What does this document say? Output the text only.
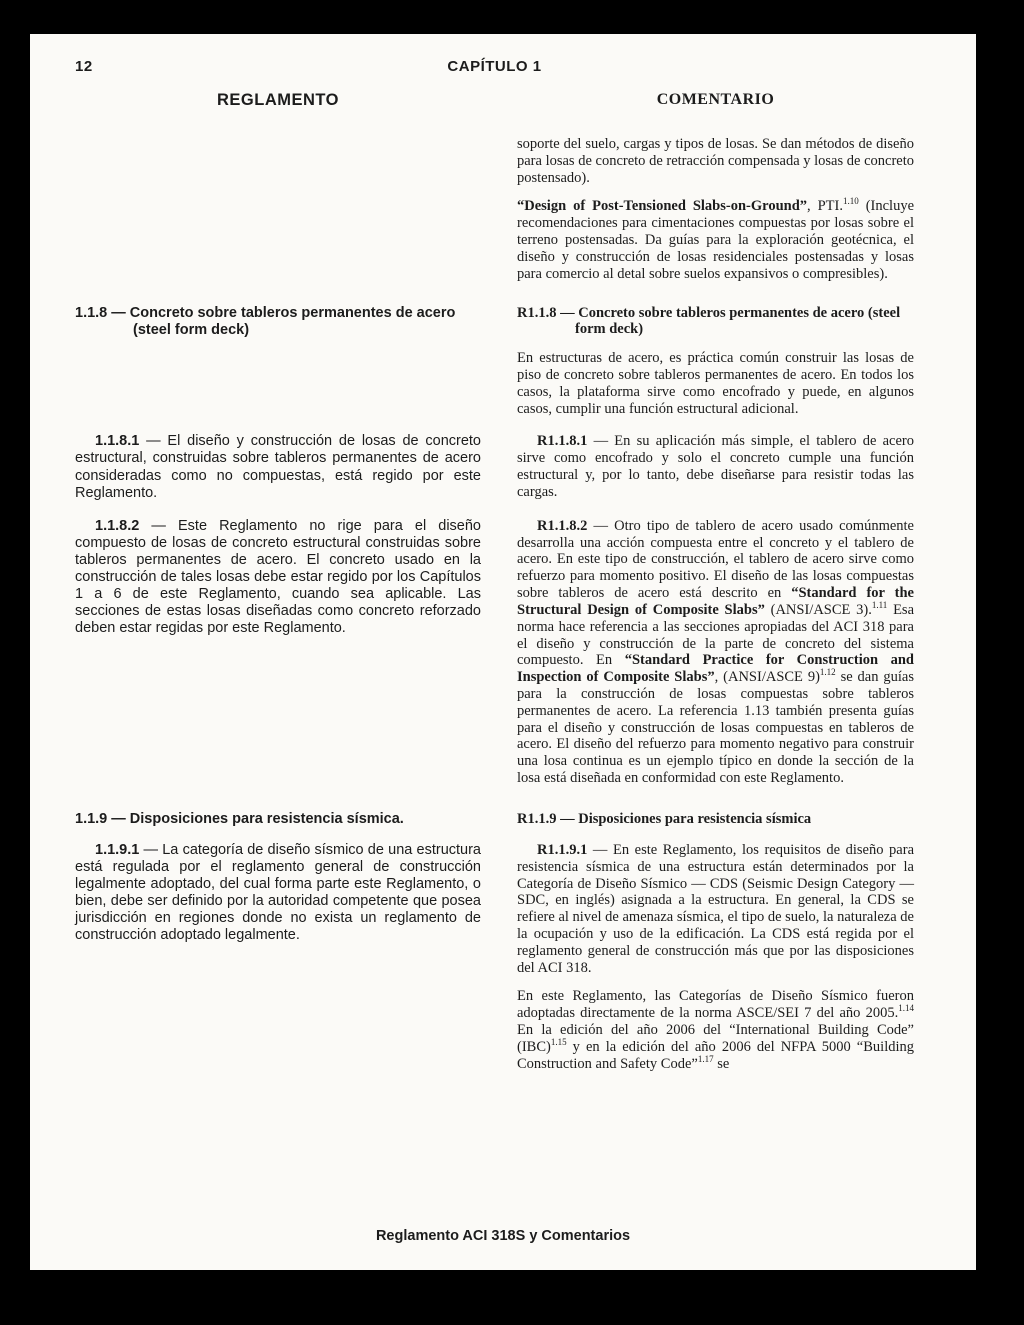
12	CAPÍTULO 1
REGLAMENTO	COMENTARIO

soporte del suelo, cargas y tipos de losas. Se dan métodos de diseño para losas de concreto de retracción compensada y losas de concreto postensado).

“Design of Post-Tensioned Slabs-on-Ground”, PTI.$^{1.10}$ (Incluye recomendaciones para cimentaciones compuestas por losas sobre el terreno postensadas. Da guías para la exploración geotécnica, el diseño y construcción de losas residenciales postensadas y losas para comercio al detal sobre suelos expansivos o compresibles).

1.1.8 — Concreto sobre tableros permanentes de acero (steel form deck)

R1.1.8 — Concreto sobre tableros permanentes de acero (steel form deck)

En estructuras de acero, es práctica común construir las losas de piso de concreto sobre tableros permanentes de acero. En todos los casos, la plataforma sirve como encofrado y puede, en algunos casos, cumplir una función estructural adicional.

1.1.8.1 — El diseño y construcción de losas de concreto estructural, construidas sobre tableros permanentes de acero consideradas como no compuestas, está regido por este Reglamento.

R1.1.8.1 — En su aplicación más simple, el tablero de acero sirve como encofrado y solo el concreto cumple una función estructural y, por lo tanto, debe diseñarse para resistir todas las cargas.

1.1.8.2 — Este Reglamento no rige para el diseño compuesto de losas de concreto estructural construidas sobre tableros permanentes de acero. El concreto usado en la construcción de tales losas debe estar regido por los Capítulos 1 a 6 de este Reglamento, cuando sea aplicable. Las secciones de estas losas diseñadas como concreto reforzado deben estar regidas por este Reglamento.

R1.1.8.2 — Otro tipo de tablero de acero usado comúnmente desarrolla una acción compuesta entre el concreto y el tablero de acero. En este tipo de construcción, el tablero de acero sirve como refuerzo para momento positivo. El diseño de las losas compuestas sobre tableros de acero está descrito en “Standard for the Structural Design of Composite Slabs” (ANSI/ASCE 3).$^{1.11}$ Esa norma hace referencia a las secciones apropiadas del ACI 318 para el diseño y construcción de la parte de concreto del sistema compuesto. En “Standard Practice for Construction and Inspection of Composite Slabs”, (ANSI/ASCE 9)$^{1.12}$ se dan guías para la construcción de losas compuestas sobre tableros permanentes de acero. La referencia 1.13 también presenta guías para el diseño y construcción de losas compuestas en tableros de acero. El diseño del refuerzo para momento negativo para construir una losa continua es un ejemplo típico en donde la sección de la losa está diseñada en conformidad con este Reglamento.

1.1.9 — Disposiciones para resistencia sísmica.	R1.1.9 — Disposiciones para resistencia sísmica

1.1.9.1 — La categoría de diseño sísmico de una estructura está regulada por el reglamento general de construcción legalmente adoptado, del cual forma parte este Reglamento, o bien, debe ser definido por la autoridad competente que posea jurisdicción en regiones donde no exista un reglamento de construcción adoptado legalmente.

R1.1.9.1 — En este Reglamento, los requisitos de diseño para resistencia sísmica de una estructura están determinados por la Categoría de Diseño Sísmico — CDS (Seismic Design Category — SDC, en inglés) asignada a la estructura. En general, la CDS se refiere al nivel de amenaza sísmica, el tipo de suelo, la naturaleza de la ocupación y uso de la edificación. La CDS está regida por el reglamento general de construcción más que por las disposiciones del ACI 318.

En este Reglamento, las Categorías de Diseño Sísmico fueron adoptadas directamente de la norma ASCE/SEI 7 del año 2005.$^{1.14}$ En la edición del año 2006 del “International Building Code” (IBC)$^{1.15}$ y en la edición del año 2006 del NFPA 5000 “Building Construction and Safety Code”$^{1.17}$ se

Reglamento ACI 318S y Comentarios
